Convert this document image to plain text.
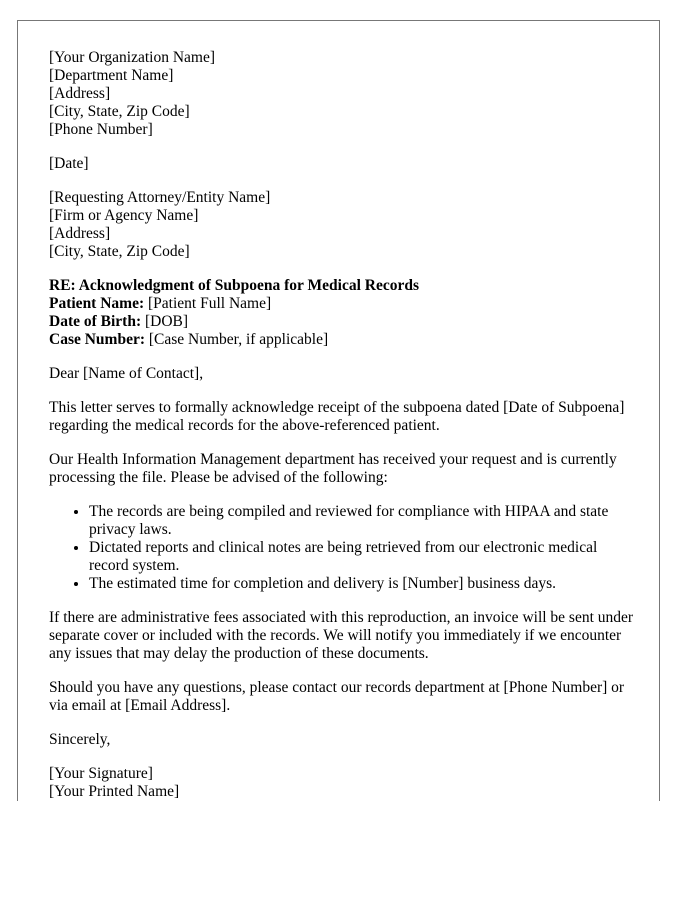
[Your Organization Name]
[Department Name]
[Address]
[City, State, Zip Code]
[Phone Number]
[Date]
[Requesting Attorney/Entity Name]
[Firm or Agency Name]
[Address]
[City, State, Zip Code]
RE: Acknowledgment of Subpoena for Medical Records
Patient Name: [Patient Full Name]
Date of Birth: [DOB]
Case Number: [Case Number, if applicable]

Dear [Name of Contact],

This letter serves to formally acknowledge receipt of the subpoena dated [Date of Subpoena] regarding the medical records for the above-referenced patient.

Our Health Information Management department has received your request and is currently processing the file. Please be advised of the following:

• The records are being compiled and reviewed for compliance with HIPAA and state privacy laws.
• Dictated reports and clinical notes are being retrieved from our electronic medical record system.
• The estimated time for completion and delivery is [Number] business days.

If there are administrative fees associated with this reproduction, an invoice will be sent under separate cover or included with the records. We will notify you immediately if we encounter any issues that may delay the production of these documents.

Should you have any questions, please contact our records department at [Phone Number] or via email at [Email Address].

Sincerely,

[Your Signature]
[Your Printed Name]
